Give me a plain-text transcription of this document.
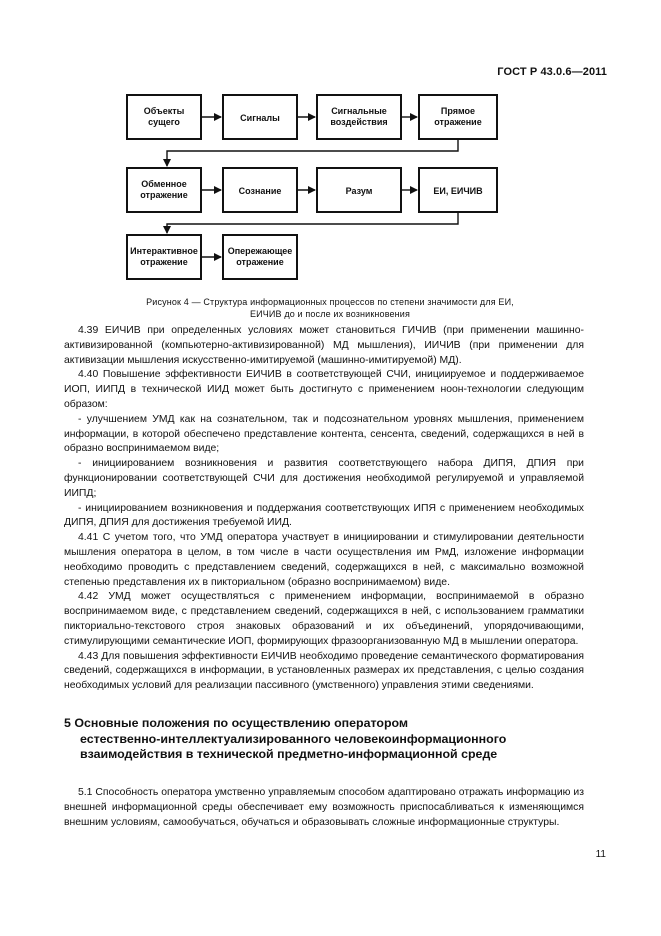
ГОСТ Р 43.0.6—2011
Объекты
сущего	Сигналы
Сигнальные
воздействия
Прямое
отражение
Обменное
отражение	Сознание	Разум	ЕИ, ЕИЧИВ
Интерактивное
отражение
Опережающее
отражение
Рисунок 4 — Структура информационных процессов по степени значимости для ЕИ,
ЕИЧИВ до и после их возникновения

4.39 ЕИЧИВ при определенных условиях может становиться ГИЧИВ (при применении машинно-активизированной (компьютерно-активизированной) МД мышления), ИИЧИВ (при применении для активизации мышления искусственно-имитируемой (машинно-имитируемой) МД).

4.40 Повышение эффективности ЕИЧИВ в соответствующей СЧИ, инициируемое и поддерживаемое ИОП, ИИПД в технической ИИД может быть достигнуто с применением ноон-технологии следующим образом:

- улучшением УМД как на сознательном, так и подсознательном уровнях мышления, применением информации, в которой обеспечено представление контента, сенсента, сведений, содержащихся в ней в образно воспринимаемом виде;

- инициированием возникновения и развития соответствующего набора ДИПЯ, ДПИЯ при функционировании соответствующей СЧИ для достижения необходимой регулируемой и управляемой ИИПД;

- инициированием возникновения и поддержания соответствующих ИПЯ с применением необходимых ДИПЯ, ДПИЯ для достижения требуемой ИИД.

4.41 С учетом того, что УМД оператора участвует в инициировании и стимулировании деятельности мышления оператора в целом, в том числе в части осуществления им РмД, изложение информации необходимо проводить с представлением сведений, содержащихся в ней, с максимально возможной степенью представления их в пикториальном (образно воспринимаемом) виде.

4.42 УМД может осуществляться с применением информации, воспринимаемой в образно воспринимаемом виде, с представлением сведений, содержащихся в ней, с использованием грамматики пикториально-текстового строя знаковых образований и их объединений, упорядочивающими, стимулирующими семантические ИОП, формирующих фразоорганизованную МД в мышлении оператора.

4.43 Для повышения эффективности ЕИЧИВ необходимо проведение семантического форматирования сведений, содержащихся в информации, в установленных размерах их представления, с целью создания необходимых условий для реализации пассивного (умственного) управления этими сведениями.

5 Основные положения по осуществлению оператором
естественно-интеллектуализированного человекоинформационного
взаимодействия в технической предметно-информационной среде

5.1 Способность оператора умственно управляемым способом адаптировано отражать информацию из внешней информационной среды обеспечивает ему возможность приспосабливаться к изменяющимся внешним условиям, самообучаться, обучаться и образовывать сложные информационные структуры.

11
